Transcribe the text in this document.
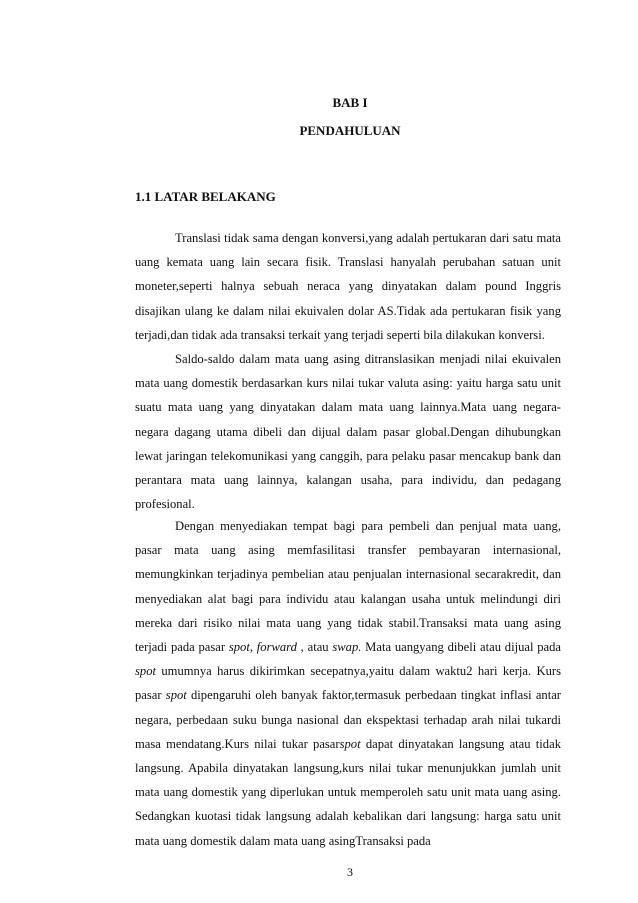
BAB I
PENDAHULUAN
1.1 LATAR BELAKANG

Translasi tidak sama dengan konversi,yang adalah pertukaran dari satu mata uang kemata uang lain secara fisik. Translasi hanyalah perubahan satuan unit moneter,seperti halnya sebuah neraca yang dinyatakan dalam pound Inggris disajikan ulang ke dalam nilai ekuivalen dolar AS.Tidak ada pertukaran fisik yang terjadi,dan tidak ada transaksi terkait yang terjadi seperti bila dilakukan konversi.

Saldo-saldo dalam mata uang asing ditranslasikan menjadi nilai ekuivalen mata uang domestik berdasarkan kurs nilai tukar valuta asing: yaitu harga satu unit suatu mata uang yang dinyatakan dalam mata uang lainnya.Mata uang negara-negara dagang utama dibeli dan dijual dalam pasar global.Dengan dihubungkan lewat jaringan telekomunikasi yang canggih, para pelaku pasar mencakup bank dan perantara mata uang lainnya, kalangan usaha, para individu, dan pedagang profesional.

Dengan menyediakan tempat bagi para pembeli dan penjual mata uang, pasar mata uang asing memfasilitasi transfer pembayaran internasional, memungkinkan terjadinya pembelian atau penjualan internasional secarakredit, dan menyediakan alat bagi para individu atau kalangan usaha untuk melindungi diri mereka dari risiko nilai mata uang yang tidak stabil.Transaksi mata uang asing terjadi pada pasar spot, forward , atau swap. Mata uangyang dibeli atau dijual pada spot umumnya harus dikirimkan secepatnya,yaitu dalam waktu2 hari kerja. Kurs pasar spot dipengaruhi oleh banyak faktor,termasuk perbedaan tingkat inflasi antar negara, perbedaan suku bunga nasional dan ekspektasi terhadap arah nilai tukardi masa mendatang.Kurs nilai tukar pasarspot dapat dinyatakan langsung atau tidak langsung. Apabila dinyatakan langsung,kurs nilai tukar menunjukkan jumlah unit mata uang domestik yang diperlukan untuk memperoleh satu unit mata uang asing. Sedangkan kuotasi tidak langsung adalah kebalikan dari langsung: harga satu unit mata uang domestik dalam mata uang asingTransaksi pada

3
